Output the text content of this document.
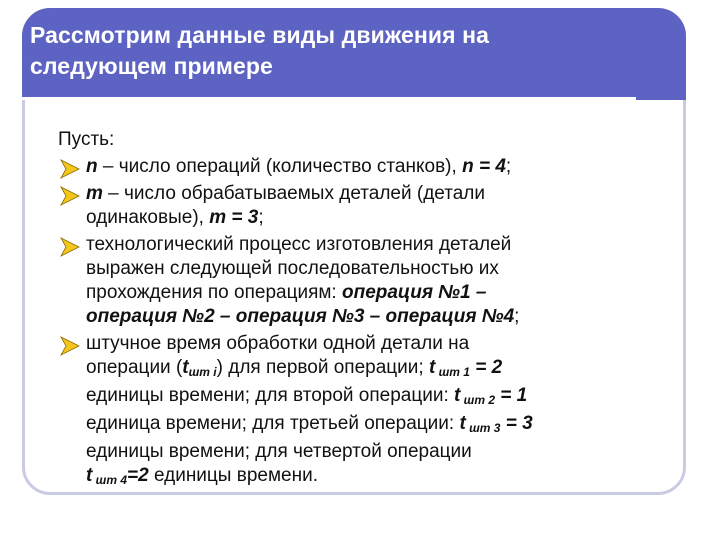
Рассмотрим данные виды движения на
следующем примере

Пусть:

n – число операций (количество станков), n = 4;
m – число обрабатываемых деталей (детали
одинаковые), m = 3;
технологический процесс изготовления деталей
выражен следующей последовательностью их
прохождения по операциям: операция №1 –
операция №2 – операция №3 – операция №4;
штучное время обработки одной детали на
операции $(t_{шт i})$ для первой операции; t $_{шт 1}$ = 2
единицы времени; для второй операции: t $_{шт 2}$ = 1
единица времени; для третьей операции: t $_{шт 3}$ = 3
единицы времени; для четвертой операции
t $_{шт 4}$=2 единицы времени.
